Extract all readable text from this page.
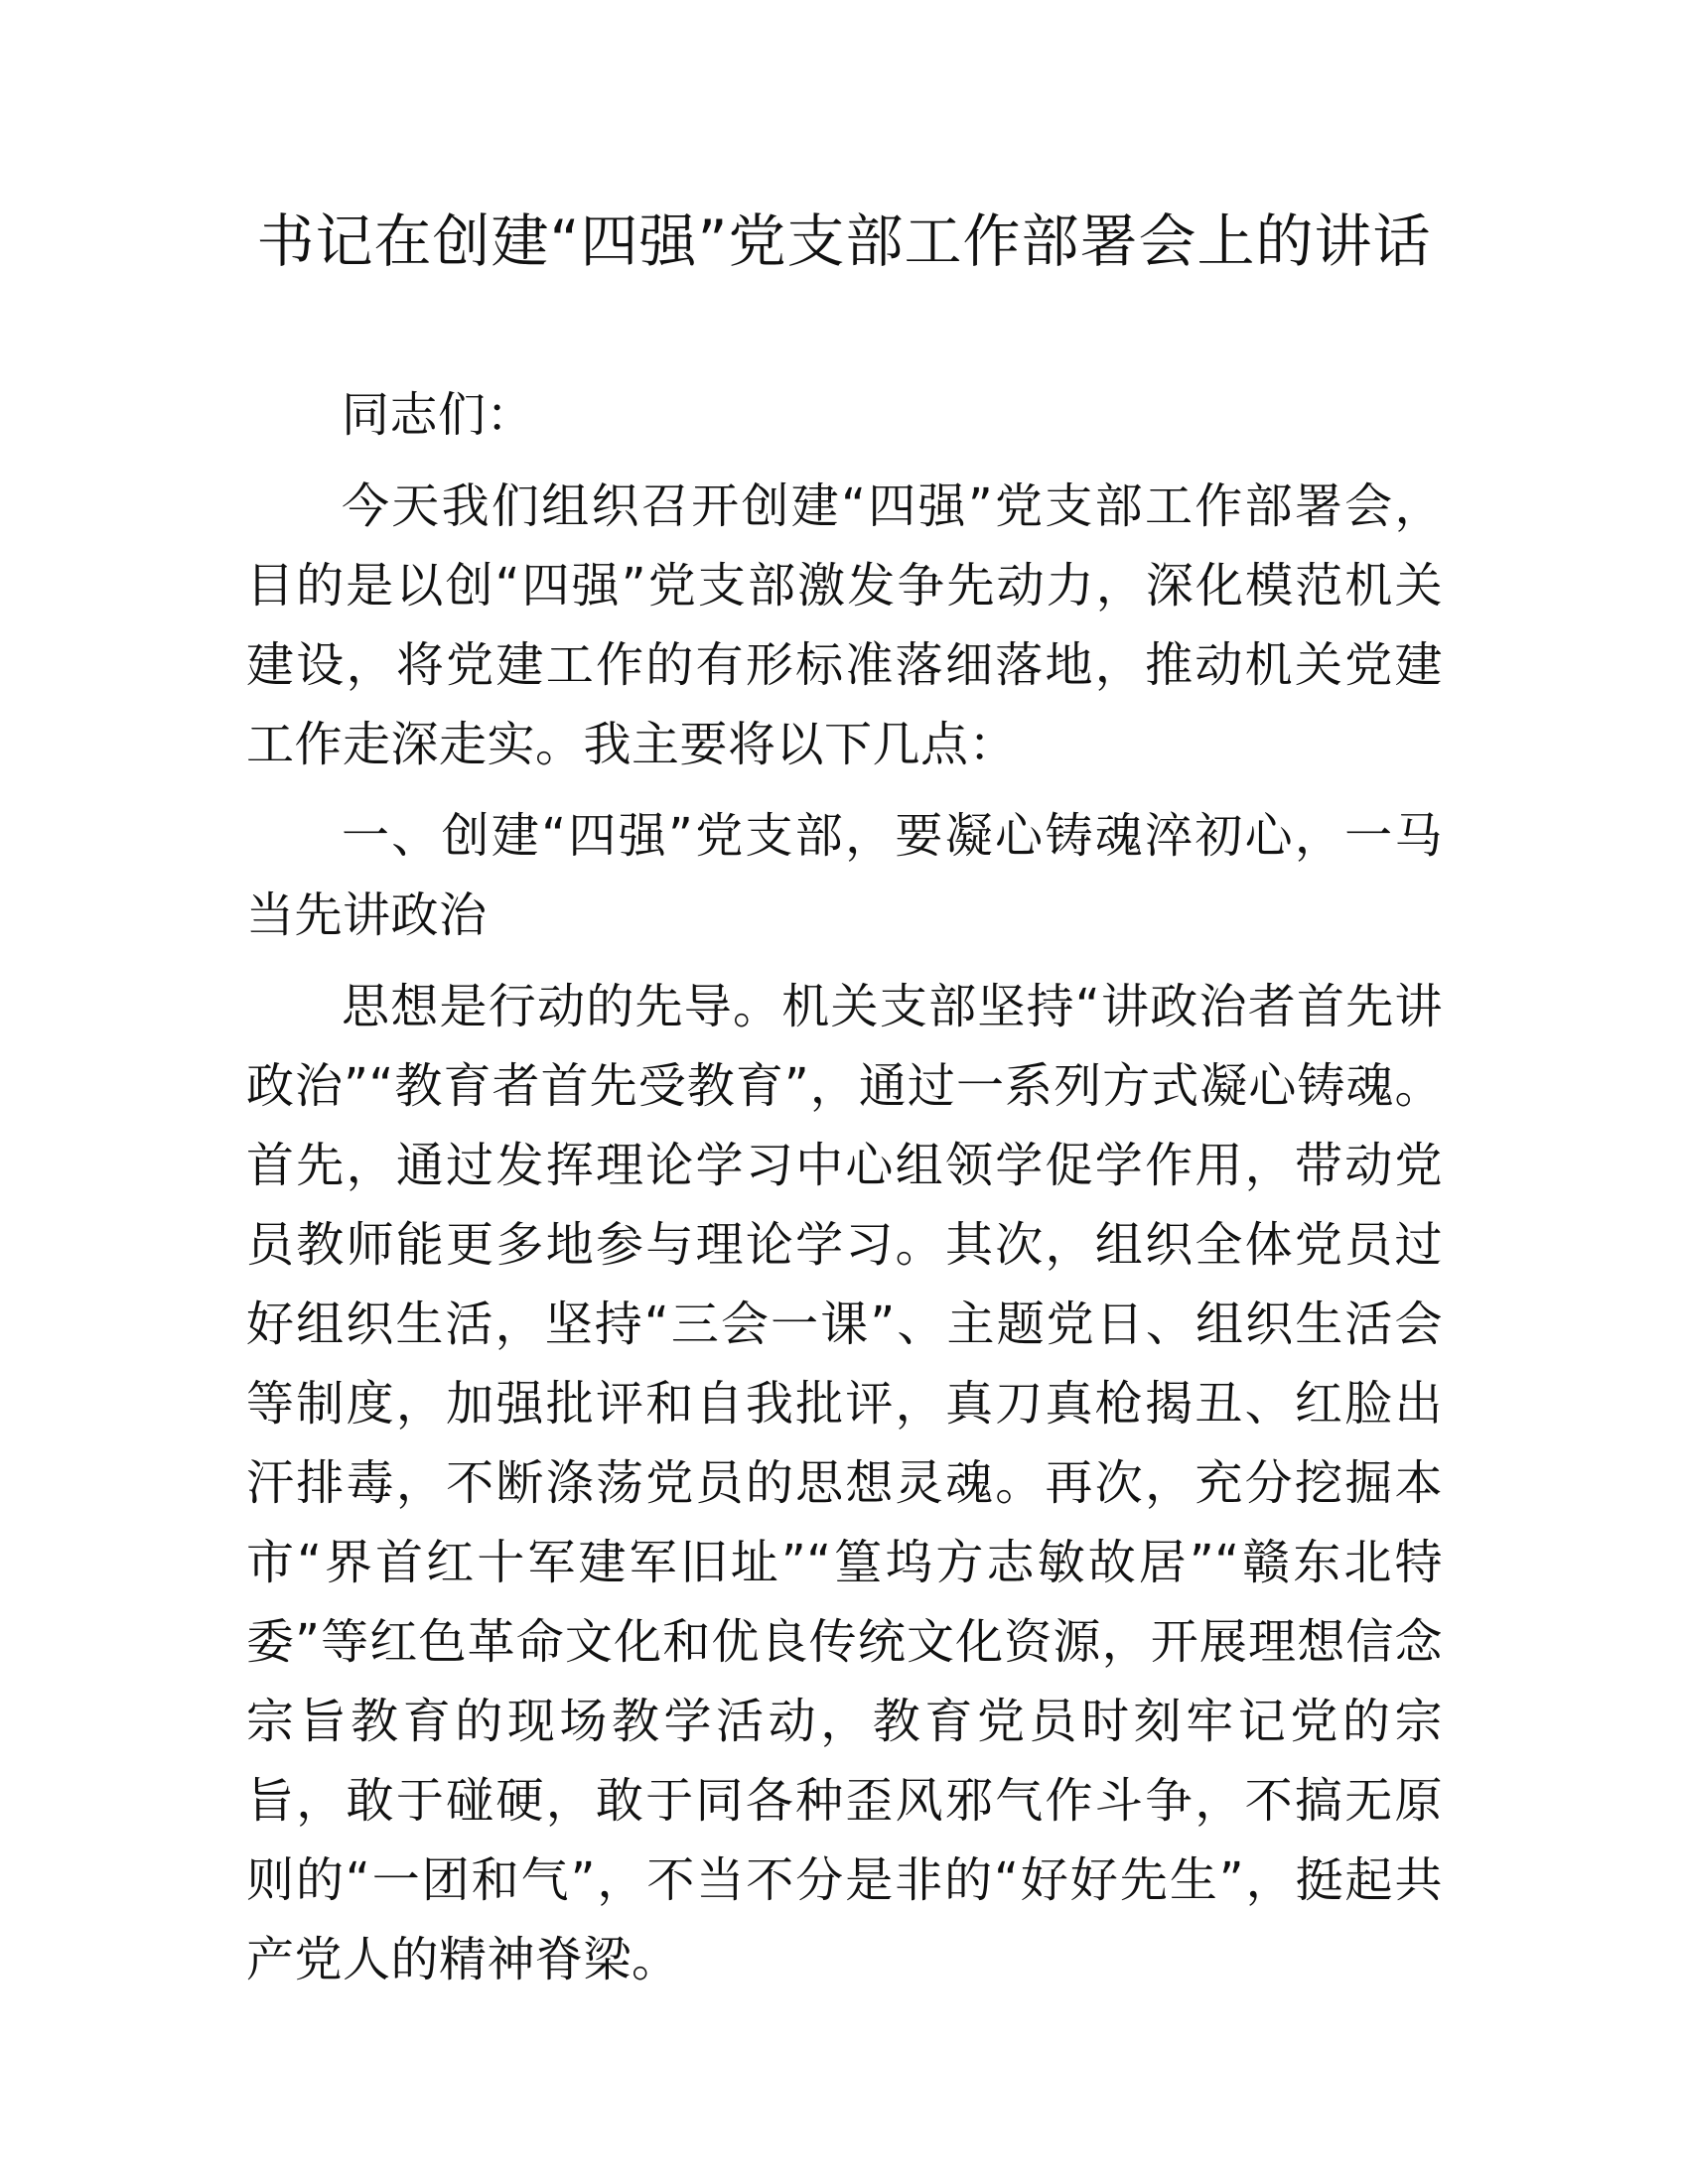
书记在创建“四强”党支部工作部署会上的讲话

同志们：

今天我们组织召开创建“四强”党支部工作部署会，目的是以创“四强”党支部激发争先动力，深化模范机关建设，将党建工作的有形标准落细落地，推动机关党建工作走深走实。我主要将以下几点：

一、创建“四强”党支部，要凝心铸魂淬初心，一马当先讲政治

思想是行动的先导。机关支部坚持“讲政治者首先讲政治”“教育者首先受教育”，通过一系列方式凝心铸魂。首先，通过发挥理论学习中心组领学促学作用，带动党员教师能更多地参与理论学习。其次，组织全体党员过好组织生活，坚持“三会一课”、主题党日、组织生活会等制度，加强批评和自我批评，真刀真枪揭丑、红脸出汗排毒，不断涤荡党员的思想灵魂。再次，充分挖掘本市“界首红十军建军旧址”“篁坞方志敏故居”“赣东北特委”等红色革命文化和优良传统文化资源，开展理想信念宗旨教育的现场教学活动，教育党员时刻牢记党的宗旨，敢于碰硬，敢于同各种歪风邪气作斗争，不搞无原则的“一团和气”，不当不分是非的“好好先生”，挺起共产党人的精神脊梁。
